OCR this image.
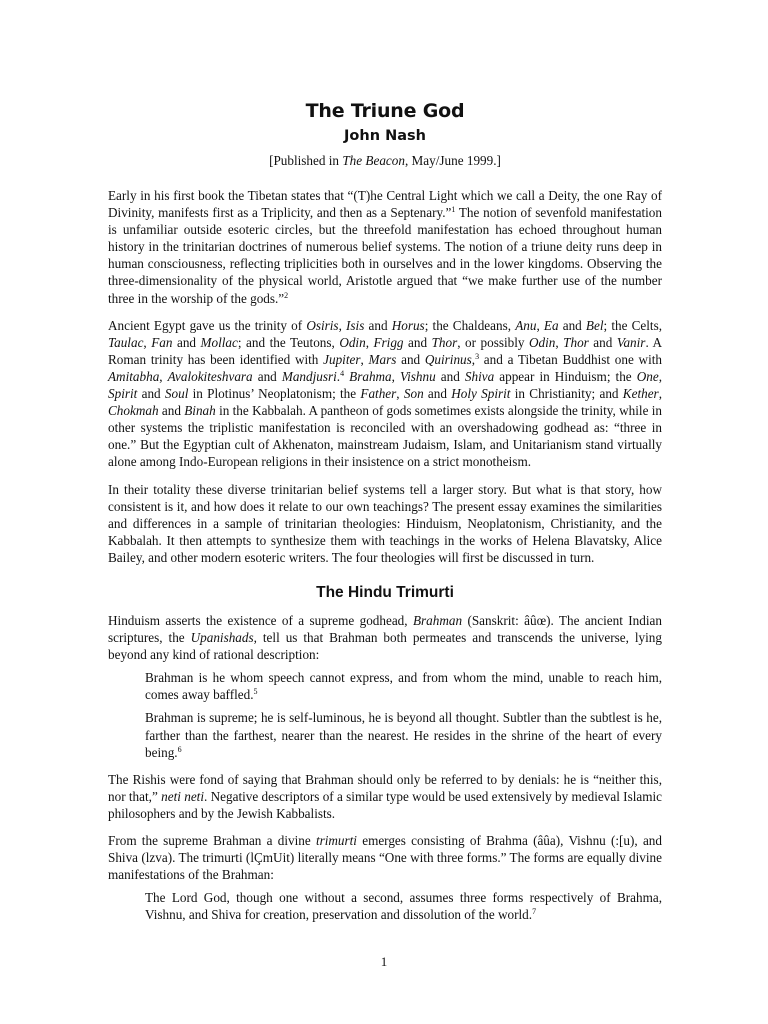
The Triune God
John Nash
[Published in The Beacon, May/June 1999.]

Early in his first book the Tibetan states that “(T)he Central Light which we call a Deity, the one Ray of Divinity, manifests first as a Triplicity, and then as a Septenary.”$^1$ The notion of sevenfold manifestation is unfamiliar outside esoteric circles, but the threefold manifestation has echoed throughout human history in the trinitarian doctrines of numerous belief systems. The notion of a triune deity runs deep in human consciousness, reflecting triplicities both in ourselves and in the lower kingdoms. Observing the three-dimensionality of the physical world, Aristotle argued that “we make further use of the number three in the worship of the gods.”$^2$

Ancient Egypt gave us the trinity of Osiris, Isis and Horus; the Chaldeans, Anu, Ea and Bel; the Celts, Taulac, Fan and Mollac; and the Teutons, Odin, Frigg and Thor, or possibly Odin, Thor and Vanir. A Roman trinity has been identified with Jupiter, Mars and Quirinus,$^3$ and a Tibetan Buddhist one with Amitabha, Avalokiteshvara and Mandjusri.$^4$ Brahma, Vishnu and Shiva appear in Hinduism; the One, Spirit and Soul in Plotinus’ Neoplatonism; the Father, Son and Holy Spirit in Christianity; and Kether, Chokmah and Binah in the Kabbalah. A pantheon of gods sometimes exists alongside the trinity, while in other systems the triplistic manifestation is reconciled with an overshadowing godhead as: “three in one.” But the Egyptian cult of Akhenaton, mainstream Judaism, Islam, and Unitarianism stand virtually alone among Indo-European religions in their insistence on a strict monotheism.

In their totality these diverse trinitarian belief systems tell a larger story. But what is that story, how consistent is it, and how does it relate to our own teachings? The present essay examines the similarities and differences in a sample of trinitarian theologies: Hinduism, Neoplatonism, Christianity, and the Kabbalah. It then attempts to synthesize them with teachings in the works of Helena Blavatsky, Alice Bailey, and other modern esoteric writers. The four theologies will first be discussed in turn.

The Hindu Trimurti

Hinduism asserts the existence of a supreme godhead, Brahman (Sanskrit: âûœ). The ancient Indian scriptures, the Upanishads, tell us that Brahman both permeates and transcends the universe, lying beyond any kind of rational description:

Brahman is he whom speech cannot express, and from whom the mind, unable to reach him, comes away baffled.$^5$
Brahman is supreme; he is self-luminous, he is beyond all thought. Subtler than the subtlest is he, farther than the farthest, nearer than the nearest. He resides in the shrine of the heart of every being.$^6$

The Rishis were fond of saying that Brahman should only be referred to by denials: he is “neither this, nor that,” neti neti. Negative descriptors of a similar type would be used extensively by medieval Islamic philosophers and by the Jewish Kabbalists.

From the supreme Brahman a divine trimurti emerges consisting of Brahma (âûa), Vishnu (:[u), and Shiva (lzva). The trimurti (lÇmUit) literally means “One with three forms.” The forms are equally divine manifestations of the Brahman:

The Lord God, though one without a second, assumes three forms respectively of Brahma, Vishnu, and Shiva for creation, preservation and dissolution of the world.$^7$
1
